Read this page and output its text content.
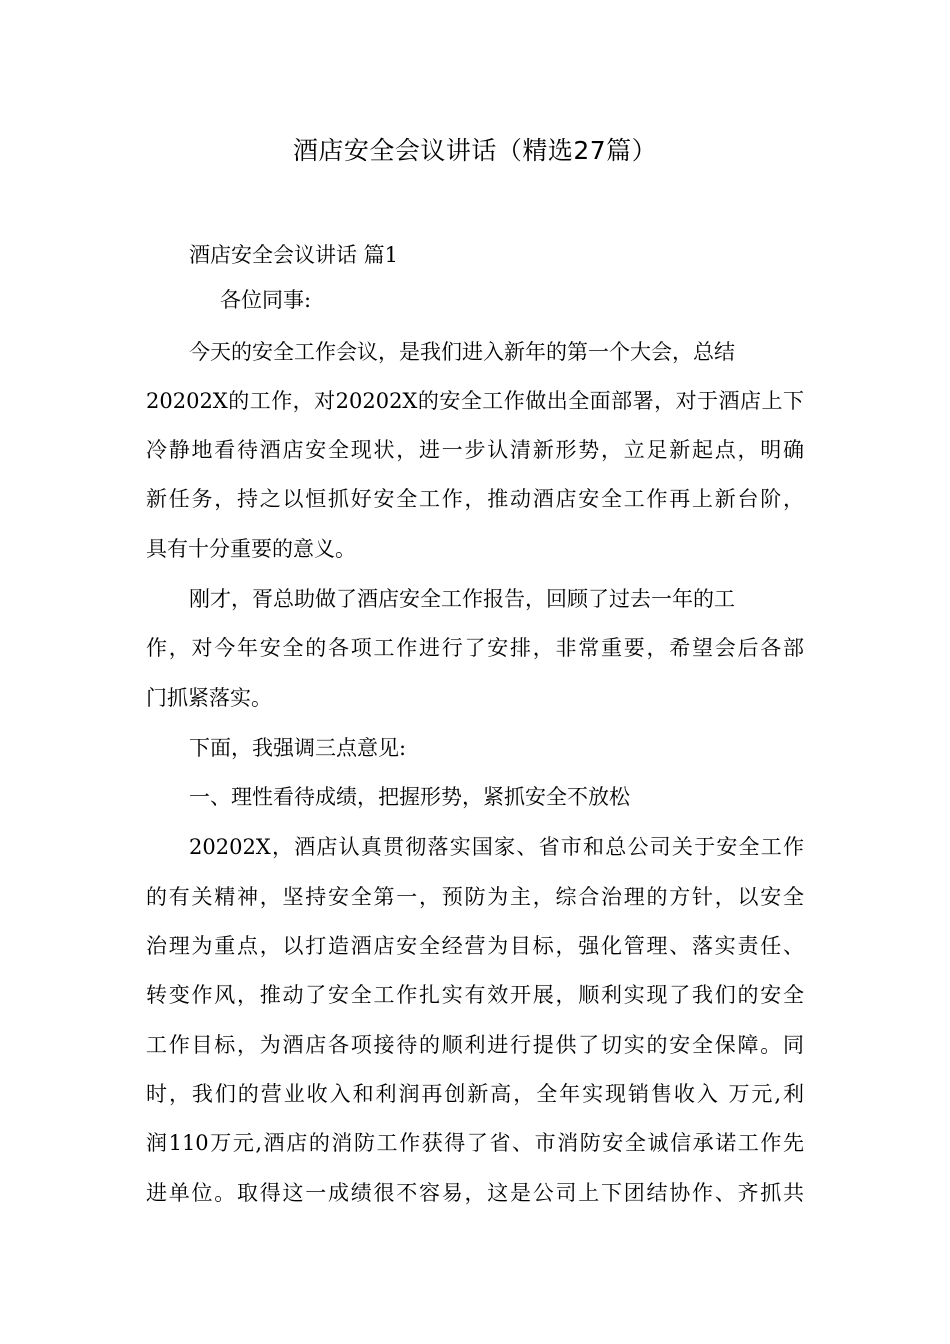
酒店安全会议讲话（精选27篇）
酒店安全会议讲话 篇1
各位同事:
今天的安全工作会议，是我们进入新年的第一个大会，总结
20202X的工作，对20202X的安全工作做出全面部署，对于酒店上下
冷静地看待酒店安全现状，进一步认清新形势，立足新起点，明确
新任务，持之以恒抓好安全工作，推动酒店安全工作再上新台阶，
具有十分重要的意义。
刚才，胥总助做了酒店安全工作报告，回顾了过去一年的工
作，对今年安全的各项工作进行了安排，非常重要，希望会后各部
门抓紧落实。
下面，我强调三点意见:
一、理性看待成绩，把握形势，紧抓安全不放松
20202X，酒店认真贯彻落实国家、省市和总公司关于安全工作
的有关精神，坚持安全第一，预防为主，综合治理的方针，以安全
治理为重点，以打造酒店安全经营为目标，强化管理、落实责任、
转变作风，推动了安全工作扎实有效开展，顺利实现了我们的安全
工作目标，为酒店各项接待的顺利进行提供了切实的安全保障。同
时，我们的营业收入和利润再创新高，全年实现销售收入 万元,利
润110万元,酒店的消防工作获得了省、市消防安全诚信承诺工作先
进单位。取得这一成绩很不容易，这是公司上下团结协作、齐抓共
